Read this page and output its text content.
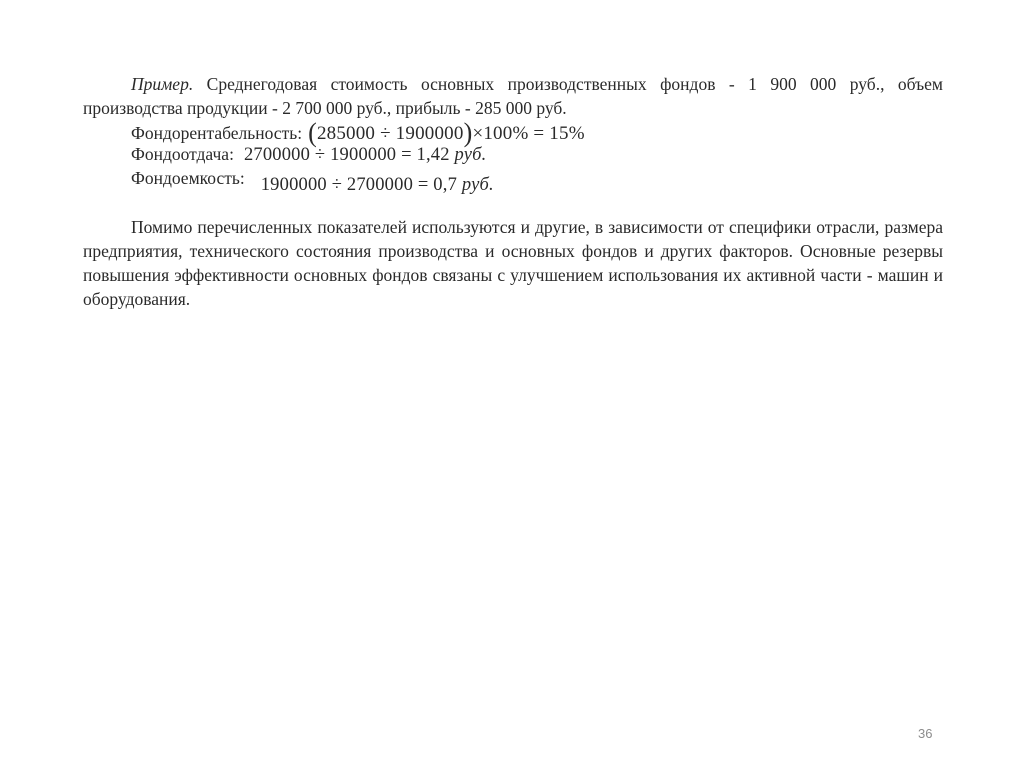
Пример. Среднегодовая стоимость основных производственных фондов - 1 900 000 руб., объем производства продукции - 2 700 000 руб., прибыль - 285 000 руб.

Фондорентабельность: (285000 ÷ 1900000)×100% = 15%
Фондоотдача: 2700000 ÷ 1900000 = 1,42 руб.
Фондоемкость: 1900000 ÷ 2700000 = 0,7 руб.

Помимо перечисленных показателей используются и другие, в зависимости от специфики отрасли, размера предприятия, технического состояния производства и основных фондов и других факторов. Основные резервы повышения эффективности основных фондов связаны с улучшением использования их активной части - машин и оборудования.

36
